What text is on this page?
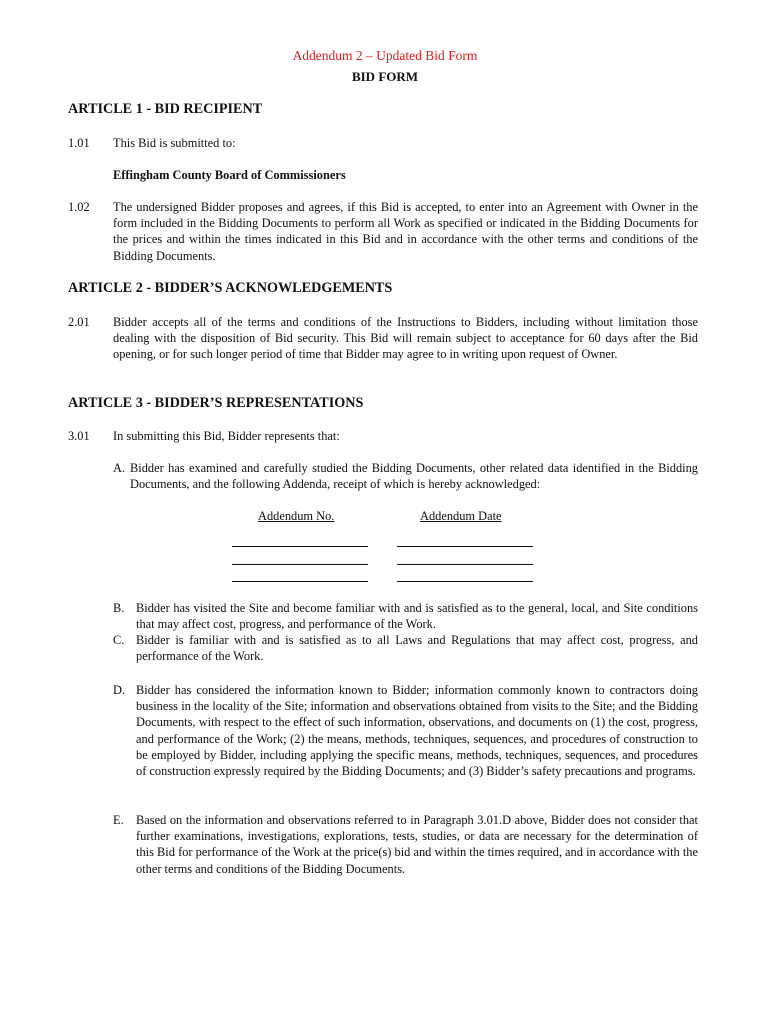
Addendum 2 – Updated Bid Form
BID FORM
ARTICLE 1 - BID RECIPIENT
1.01 This Bid is submitted to:
Effingham County Board of Commissioners
1.02 The undersigned Bidder proposes and agrees, if this Bid is accepted, to enter into an Agreement with Owner in the form included in the Bidding Documents to perform all Work as specified or indicated in the Bidding Documents for the prices and within the times indicated in this Bid and in accordance with the other terms and conditions of the Bidding Documents.
ARTICLE 2 - BIDDER’S ACKNOWLEDGEMENTS
2.01 Bidder accepts all of the terms and conditions of the Instructions to Bidders, including without limitation those dealing with the disposition of Bid security. This Bid will remain subject to acceptance for 60 days after the Bid opening, or for such longer period of time that Bidder may agree to in writing upon request of Owner.
ARTICLE 3 - BIDDER’S REPRESENTATIONS
3.01 In submitting this Bid, Bidder represents that:
A. Bidder has examined and carefully studied the Bidding Documents, other related data identified in the Bidding Documents, and the following Addenda, receipt of which is hereby acknowledged:
Addendum No.	Addendum Date
B. Bidder has visited the Site and become familiar with and is satisfied as to the general, local, and Site conditions that may affect cost, progress, and performance of the Work.
C. Bidder is familiar with and is satisfied as to all Laws and Regulations that may affect cost, progress, and performance of the Work.
D. Bidder has considered the information known to Bidder; information commonly known to contractors doing business in the locality of the Site; information and observations obtained from visits to the Site; and the Bidding Documents, with respect to the effect of such information, observations, and documents on (1) the cost, progress, and performance of the Work; (2) the means, methods, techniques, sequences, and procedures of construction to be employed by Bidder, including applying the specific means, methods, techniques, sequences, and procedures of construction expressly required by the Bidding Documents; and (3) Bidder’s safety precautions and programs.
E. Based on the information and observations referred to in Paragraph 3.01.D above, Bidder does not consider that further examinations, investigations, explorations, tests, studies, or data are necessary for the determination of this Bid for performance of the Work at the price(s) bid and within the times required, and in accordance with the other terms and conditions of the Bidding Documents.
